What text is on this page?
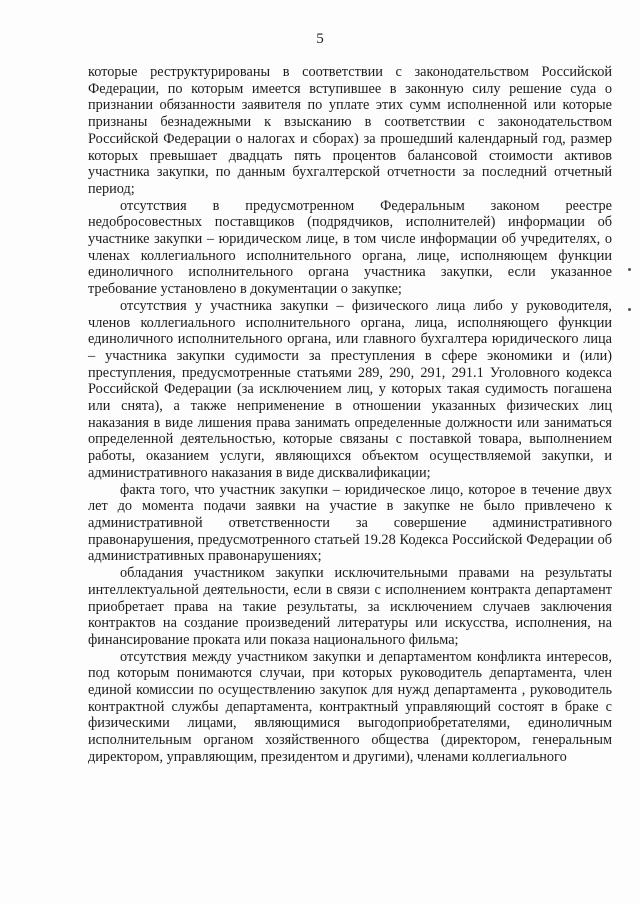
5

которые реструктурированы в соответствии с законодательством Российской Федерации, по которым имеется вступившее в законную силу решение суда о признании обязанности заявителя по уплате этих сумм исполненной или которые признаны безнадежными к взысканию в соответствии с законодательством Российской Федерации о налогах и сборах) за прошедший календарный год, размер которых превышает двадцать пять процентов балансовой стоимости активов участника закупки, по данным бухгалтерской отчетности за последний отчетный период;

отсутствия в предусмотренном Федеральным законом реестре недобросовестных поставщиков (подрядчиков, исполнителей) информации об участнике закупки – юридическом лице, в том числе информации об учредителях, о членах коллегиального исполнительного органа, лице, исполняющем функции единоличного исполнительного органа участника закупки, если указанное требование установлено в документации о закупке;

отсутствия у участника закупки – физического лица либо у руководителя, членов коллегиального исполнительного органа, лица, исполняющего функции единоличного исполнительного органа, или главного бухгалтера юридического лица – участника закупки судимости за преступления в сфере экономики и (или) преступления, предусмотренные статьями 289, 290, 291, 291.1 Уголовного кодекса Российской Федерации (за исключением лиц, у которых такая судимость погашена или снята), а также неприменение в отношении указанных физических лиц наказания в виде лишения права занимать определенные должности или заниматься определенной деятельностью, которые связаны с поставкой товара, выполнением работы, оказанием услуги, являющихся объектом осуществляемой закупки, и административного наказания в виде дисквалификации;

факта того, что участник закупки – юридическое лицо, которое в течение двух лет до момента подачи заявки на участие в закупке не было привлечено к административной ответственности за совершение административного правонарушения, предусмотренного статьей 19.28 Кодекса Российской Федерации об административных правонарушениях;

обладания участником закупки исключительными правами на результаты интеллектуальной деятельности, если в связи с исполнением контракта департамент приобретает права на такие результаты, за исключением случаев заключения контрактов на создание произведений литературы или искусства, исполнения, на финансирование проката или показа национального фильма;

отсутствия между участником закупки и департаментом конфликта интересов, под которым понимаются случаи, при которых руководитель департамента, член единой комиссии по осуществлению закупок для нужд департамента , руководитель контрактной службы департамента, контрактный управляющий состоят в браке с физическими лицами, являющимися выгодоприобретателями, единоличным исполнительным органом хозяйственного общества (директором, генеральным директором, управляющим, президентом и другими), членами коллегиального
